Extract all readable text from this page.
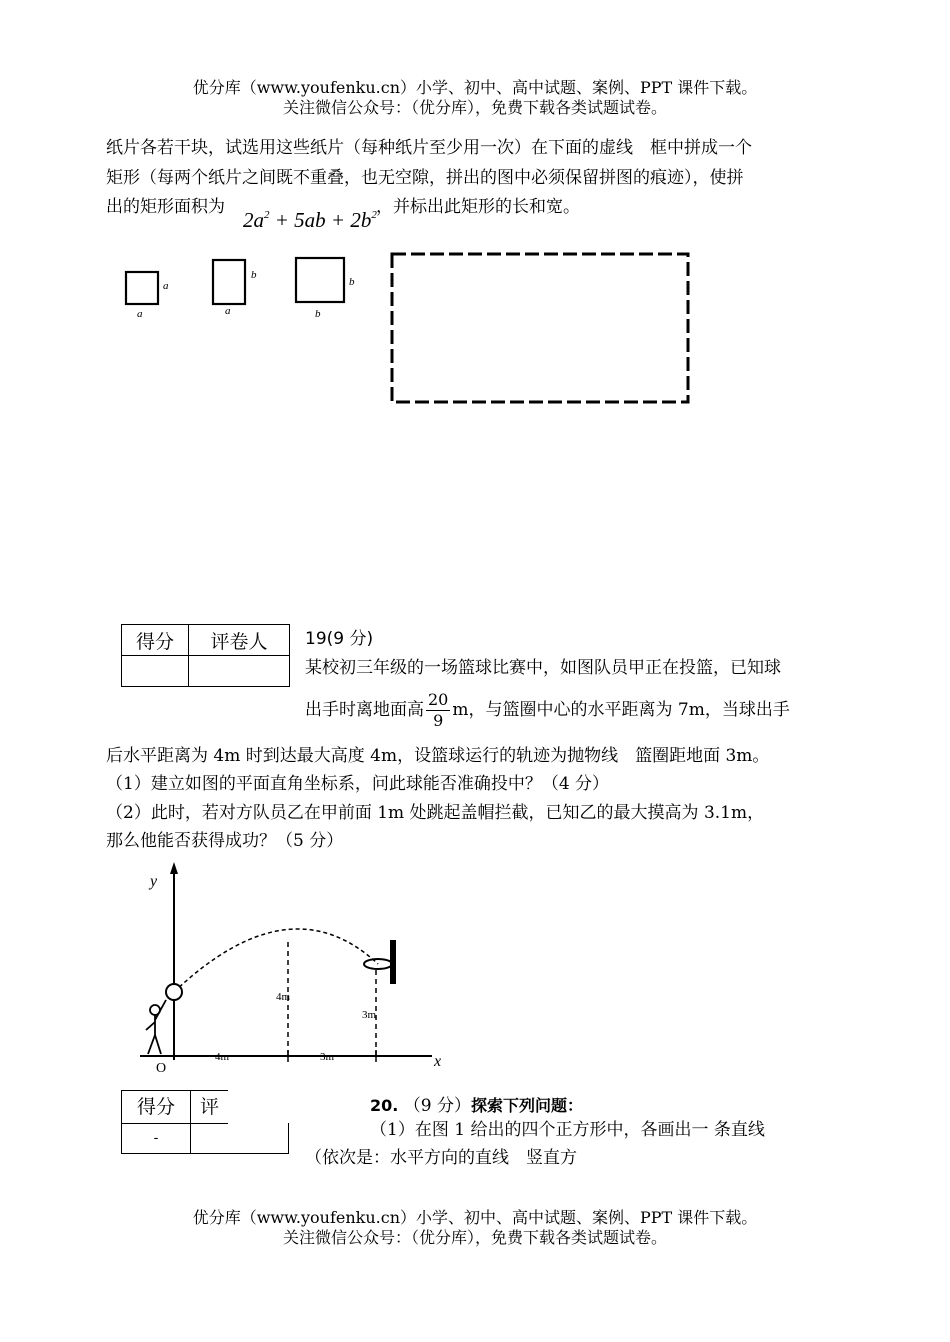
优分库（www.youfenku.cn）小学、初中、高中试题、案例、PPT 课件下载。
关注微信公众号：（优分库），免费下载各类试题试卷。
纸片各若干块，试选用这些纸片（每种纸片至少用一次）在下面的虚线　框中拼成一个
矩形（每两个纸片之间既不重叠，也无空隙，拼出的图中必须保留拼图的痕迹），使拼
出的矩形面积为
$2a^2 + 5ab + 2b^2$ ，并标出此矩形的长和宽。
a
a
b
a
b
b
得分	评卷人
	19(9 分)
某校初三年级的一场篮球比赛中，如图队员甲正在投篮，已知球
出手时离地面高 $\frac{20}{9}$ m，与篮圈中心的水平距离为 7m，当球出手
后水平距离为 4m 时到达最大高度 4m，设篮球运行的轨迹为抛物线　篮圈距地面 3m。
（1）建立如图的平面直角坐标系，问此球能否准确投中？（4 分）
（2）此时，若对方队员乙在甲前面 1m 处跳起盖帽拦截，已知乙的最大摸高为 3.1m，
那么他能否获得成功？（5 分）
y
x
O
4m
3m
4m	3m
得分	评
-
20. （9 分）探索下列问题：
（1）在图 1 给出的四个正方形中，各画出一 条直线
（依次是：水平方向的直线　竖直方
优分库（www.youfenku.cn）小学、初中、高中试题、案例、PPT 课件下载。
关注微信公众号：（优分库），免费下载各类试题试卷。
